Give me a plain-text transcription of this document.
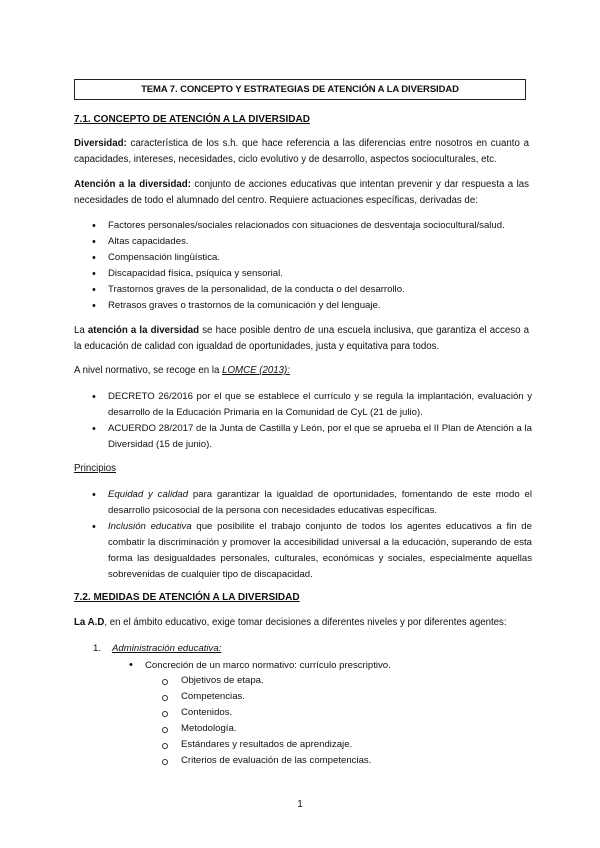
TEMA 7. CONCEPTO Y ESTRATEGIAS DE ATENCIÓN A LA DIVERSIDAD
7.1. CONCEPTO DE ATENCIÓN A LA DIVERSIDAD
Diversidad: característica de los s.h. que hace referencia a las diferencias entre nosotros en cuanto a capacidades, intereses, necesidades, ciclo evolutivo y de desarrollo, aspectos socioculturales, etc.
Atención a la diversidad: conjunto de acciones educativas que intentan prevenir y dar respuesta a las necesidades de todo el alumnado del centro. Requiere actuaciones específicas, derivadas de:
• Factores personales/sociales relacionados con situaciones de desventaja sociocultural/salud.
• Altas capacidades.
• Compensación lingüística.
• Discapacidad física, psíquica y sensorial.
• Trastornos graves de la personalidad, de la conducta o del desarrollo.
• Retrasos graves o trastornos de la comunicación y del lenguaje.
La atención a la diversidad se hace posible dentro de una escuela inclusiva, que garantiza el acceso a la educación de calidad con igualdad de oportunidades, justa y equitativa para todos.
A nivel normativo, se recoge en la LOMCE (2013):
• DECRETO 26/2016 por el que se establece el currículo y se regula la implantación, evaluación y desarrollo de la Educación Primaria en la Comunidad de CyL (21 de julio).
• ACUERDO 28/2017 de la Junta de Castilla y León, por el que se aprueba el II Plan de Atención a la Diversidad (15 de junio).
Principios
• Equidad y calidad para garantizar la igualdad de oportunidades, fomentando de este modo el desarrollo psicosocial de la persona con necesidades educativas específicas.
• Inclusión educativa que posibilite el trabajo conjunto de todos los agentes educativos a fin de combatir la discriminación y promover la accesibilidad universal a la educación, superando de esta forma las desigualdades personales, culturales, económicas y sociales, especialmente aquellas sobrevenidas de cualquier tipo de discapacidad.
7.2. MEDIDAS DE ATENCIÓN A LA DIVERSIDAD
La A.D, en el ámbito educativo, exige tomar decisiones a diferentes niveles y por diferentes agentes:
1. Administración educativa:
• Concreción de un marco normativo: currículo prescriptivo.
Objetivos de etapa.
Competencias.
Contenidos.
Metodología.
Estándares y resultados de aprendizaje.
Criterios de evaluación de las competencias.
1
